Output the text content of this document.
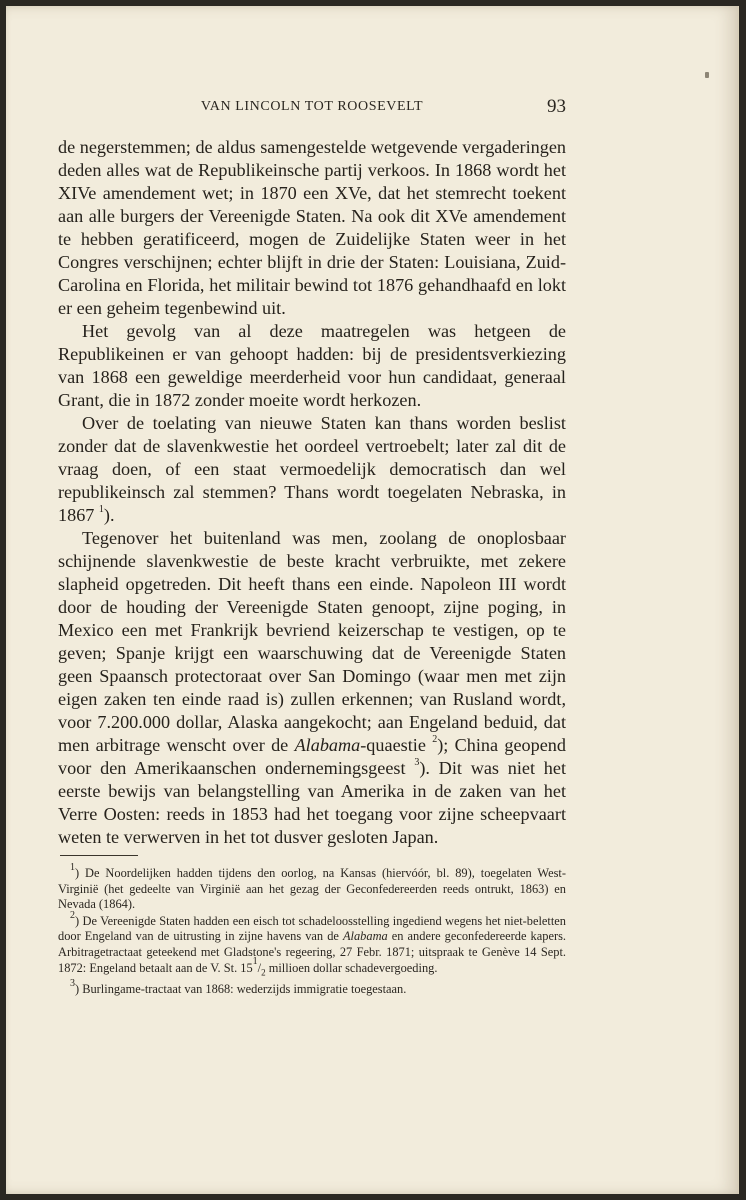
VAN LINCOLN TOT ROOSEVELT	93

de negerstemmen; de aldus samengestelde wetgevende vergaderingen deden alles wat de Republikeinsche partij verkoos. In 1868 wordt het XIVe amendement wet; in 1870 een XVe, dat het stemrecht toekent aan alle burgers der Vereenigde Staten. Na ook dit XVe amendement te hebben geratificeerd, mogen de Zuidelijke Staten weer in het Congres verschijnen; echter blijft in drie der Staten: Louisiana, Zuid-Carolina en Florida, het militair bewind tot 1876 gehandhaafd en lokt er een geheim tegenbewind uit.

Het gevolg van al deze maatregelen was hetgeen de Republikeinen er van gehoopt hadden: bij de presidentsverkiezing van 1868 een geweldige meerderheid voor hun candidaat, generaal Grant, die in 1872 zonder moeite wordt herkozen.

Over de toelating van nieuwe Staten kan thans worden beslist zonder dat de slavenkwestie het oordeel vertroebelt; later zal dit de vraag doen, of een staat vermoedelijk democratisch dan wel republikeinsch zal stemmen? Thans wordt toegelaten Nebraska, in 1867 $^1$).

Tegenover het buitenland was men, zoolang de onoplosbaar schijnende slavenkwestie de beste kracht verbruikte, met zekere slapheid opgetreden. Dit heeft thans een einde. Napoleon III wordt door de houding der Vereenigde Staten genoopt, zijne poging, in Mexico een met Frankrijk bevriend keizerschap te vestigen, op te geven; Spanje krijgt een waarschuwing dat de Vereenigde Staten geen Spaansch protectoraat over San Domingo (waar men met zijn eigen zaken ten einde raad is) zullen erkennen; van Rusland wordt, voor 7.200.000 dollar, Alaska aangekocht; aan Engeland beduid, dat men arbitrage wenscht over de Alabama-quaestie $^2$); China geopend voor den Amerikaanschen ondernemingsgeest $^3$). Dit was niet het eerste bewijs van belangstelling van Amerika in de zaken van het Verre Oosten: reeds in 1853 had het toegang voor zijne scheepvaart weten te verwerven in het tot dusver gesloten Japan.

$^1$) De Noordelijken hadden tijdens den oorlog, na Kansas (hiervóór, bl. 89), toegelaten West-Virginië (het gedeelte van Virginië aan het gezag der Geconfedereerden reeds ontrukt, 1863) en Nevada (1864).

$^2$) De Vereenigde Staten hadden een eisch tot schadeloosstelling ingediend wegens het niet-beletten door Engeland van de uitrusting in zijne havens van de Alabama en andere geconfedereerde kapers. Arbitragetractaat geteekend met Gladstone's regeering, 27 Febr. 1871; uitspraak te Genève 14 Sept. 1872: Engeland betaalt aan de V. St. $15^1/_2$ millioen dollar schadevergoeding.

$^3$) Burlingame-tractaat van 1868: wederzijds immigratie toegestaan.
